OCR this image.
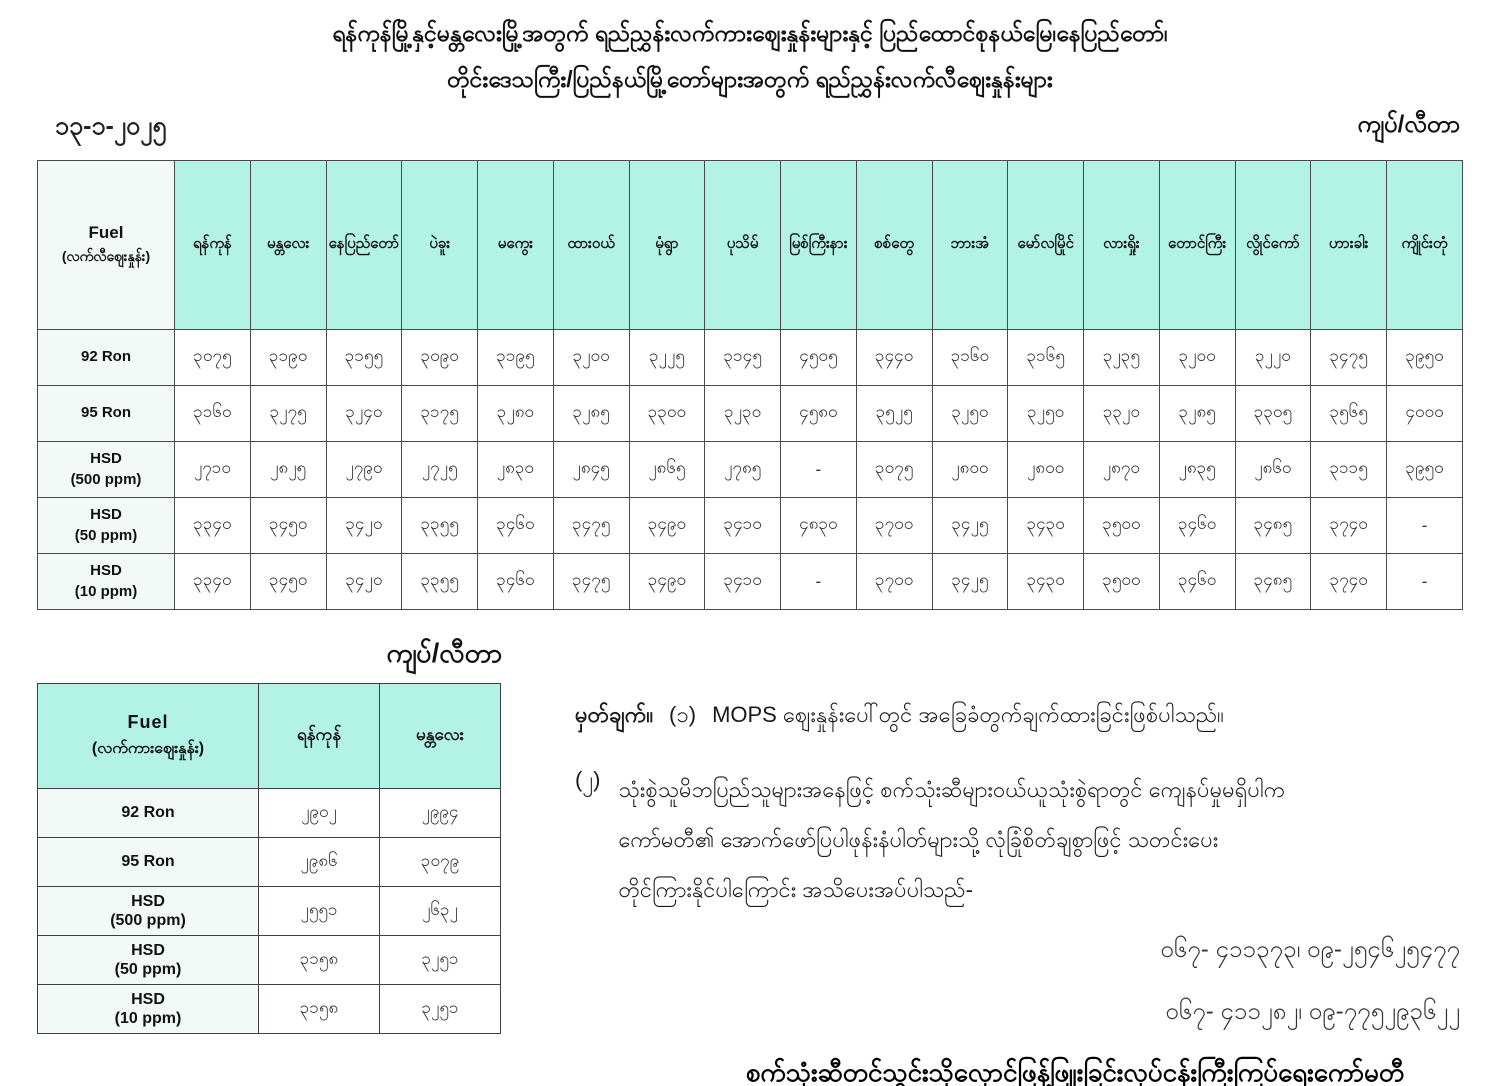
ရန်ကုန်မြို့နှင့်မန္တလေးမြို့အတွက် ရည်ညွှန်းလက်ကားဈေးနှုန်းများနှင့် ပြည်ထောင်စုနယ်မြေ၊နေပြည်တော်၊
တိုင်းဒေသကြီး/ပြည်နယ်မြို့တော်များအတွက် ရည်ညွှန်းလက်လီဈေးနှုန်းများ
၁၃-၁-၂၀၂၅	ကျပ်/လီတာ
Fuel
(လက်လီဈေးနှုန်း)	ရန်ကုန်	မန္တလေး	နေပြည်တော်	ပဲခူး	မကွေး	ထားဝယ်	မုံရွာ	ပုသိမ်	မြစ်ကြီးနား	စစ်တွေ	ဘားအံ	မော်လမြိုင်	လားရှိုး	တောင်ကြီး	လွိုင်ကော်	ဟားခါး	ကျိုင်းတုံ

92 Ron	၃၀၇၅	၃၁၉၀	၃၁၅၅	၃၀၉၀	၃၁၉၅	၃၂၀၀	၃၂၂၅	၃၁၄၅	၄၅၀၅	၃၄၄၀	၃၁၆၀	၃၁၆၅	၃၂၃၅	၃၂၀၀	၃၂၂၀	၃၄၇၅	၃၉၅၀

95 Ron	၃၁၆၀	၃၂၇၅	၃၂၄၀	၃၁၇၅	၃၂၈၀	၃၂၈၅	၃၃၀၀	၃၂၃၀	၄၅၈၀	၃၅၂၅	၃၂၅၀	၃၂၅၀	၃၃၂၀	၃၂၈၅	၃၃၀၅	၃၅၆၅	၄၀၀၀

HSD
(500 ppm)	၂၇၁၀	၂၈၂၅	၂၇၉၀	၂၇၂၅	၂၈၃၀	၂၈၄၅	၂၈၆၅	၂၇၈၅	-	၃၀၇၅	၂၈၀၀	၂၈၀၀	၂၈၇၀	၂၈၃၅	၂၈၆၀	၃၁၁၅	၃၉၅၀

HSD
(50 ppm)	၃၃၄၀	၃၄၅၀	၃၄၂၀	၃၃၅၅	၃၄၆၀	၃၄၇၅	၃၄၉၀	၃၄၁၀	၄၈၃၀	၃၇၀၀	၃၄၂၅	၃၄၃၀	၃၅၀၀	၃၄၆၀	၃၄၈၅	၃၇၄၀	-

HSD
(10 ppm)	၃၃၄၀	၃၄၅၀	၃၄၂၀	၃၃၅၅	၃၄၆၀	၃၄၇၅	၃၄၉၀	၃၄၁၀	-	၃၇၀၀	၃၄၂၅	၃၄၃၀	၃၅၀၀	၃၄၆၀	၃၄၈၅	၃၇၄၀	-
ကျပ်/လီတာ
Fuel
(လက်ကားဈေးနှုန်း)	ရန်ကုန်	မန္တလေး

92 Ron	၂၉၀၂	၂၉၉၄

95 Ron	၂၉၈၆	၃၀၇၉

HSD
(500 ppm)	၂၅၅၁	၂၆၃၂

HSD
(50 ppm)	၃၁၅၈	၃၂၅၁

HSD
(10 ppm)	၃၁၅၈	၃၂၅၁
မှတ်ချက်။ (၁) MOPS ဈေးနှုန်းပေါ်တွင် အခြေခံတွက်ချက်ထားခြင်းဖြစ်ပါသည်။
(၂) သုံးစွဲသူမိဘပြည်သူများအနေဖြင့် စက်သုံးဆီများဝယ်ယူသုံးစွဲရာတွင် ကျေနပ်မှုမရှိပါက
ကော်မတီ၏ အောက်ဖော်ပြပါဖုန်းနံပါတ်များသို့ လုံခြုံစိတ်ချစွာဖြင့် သတင်းပေး
တိုင်ကြားနိုင်ပါကြောင်း အသိပေးအပ်ပါသည်-
၀၆၇- ၄၁၁၃၇၃၊ ၀၉-၂၅၄၆၂၅၄၇၇
၀၆၇- ၄၁၁၂၈၂၊ ၀၉-၇၇၅၂၉၃၆၂၂
စက်သုံးဆီတင်သွင်းသိုလှောင်ဖြန့်ဖြူးခြင်းလုပ်ငန်းကြီးကြပ်ရေးကော်မတီ
